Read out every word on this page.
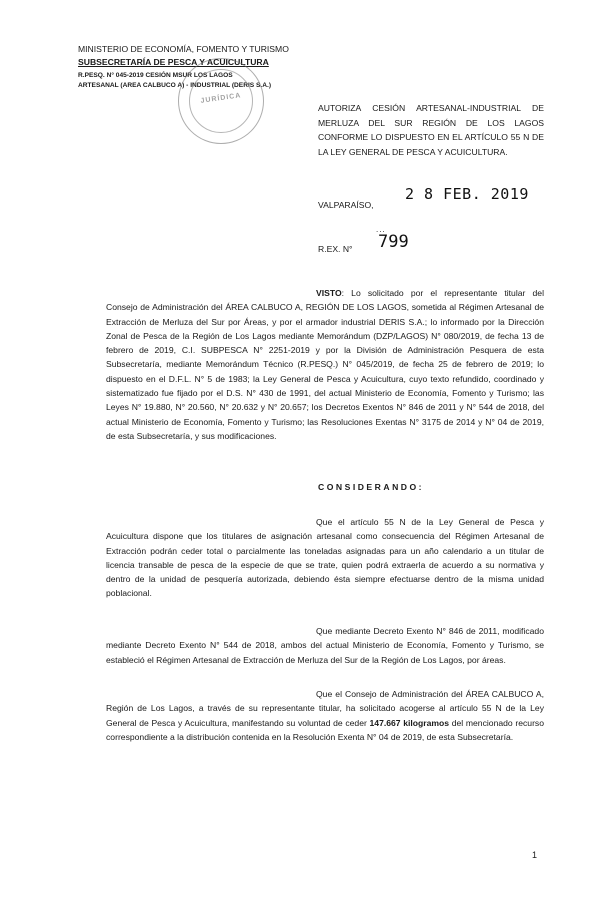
MINISTERIO DE ECONOMÍA, FOMENTO Y TURISMO
SUBSECRETARÍA DE PESCA Y ACUICULTURA
R.PESQ. N° 045-2019 CESIÓN MSUR LOS LAGOS
ARTESANAL (AREA CALBUCO A) - INDUSTRIAL (DERIS S.A.)
JURÍDICA
AUTORIZA CESIÓN ARTESANAL-INDUSTRIAL DE MERLUZA DEL SUR REGIÓN DE LOS LAGOS CONFORME LO DISPUESTO EN EL ARTÍCULO 55 N DE LA LEY GENERAL DE PESCA Y ACUICULTURA.
VALPARAÍSO,
2 8 FEB. 2019
...
R.EX. N° 799
VISTO: Lo solicitado por el representante titular del Consejo de Administración del ÁREA CALBUCO A, REGIÓN DE LOS LAGOS, sometida al Régimen Artesanal de Extracción de Merluza del Sur por Áreas, y por el armador industrial DERIS S.A.; lo informado por la Dirección Zonal de Pesca de la Región de Los Lagos mediante Memorándum (DZP/LAGOS) N° 080/2019, de fecha 13 de febrero de 2019, C.I. SUBPESCA N° 2251-2019 y por la División de Administración Pesquera de esta Subsecretaría, mediante Memorándum Técnico (R.PESQ.) N° 045/2019, de fecha 25 de febrero de 2019; lo dispuesto en el D.F.L. N° 5 de 1983; la Ley General de Pesca y Acuicultura, cuyo texto refundido, coordinado y sistematizado fue fijado por el D.S. N° 430 de 1991, del actual Ministerio de Economía, Fomento y Turismo; las Leyes N° 19.880, N° 20.560, N° 20.632 y N° 20.657; los Decretos Exentos N° 846 de 2011 y N° 544 de 2018, del actual Ministerio de Economía, Fomento y Turismo; las Resoluciones Exentas N° 3175 de 2014 y N° 04 de 2019, de esta Subsecretaría, y sus modificaciones.
CONSIDERANDO:
Que el artículo 55 N de la Ley General de Pesca y Acuicultura dispone que los titulares de asignación artesanal como consecuencia del Régimen Artesanal de Extracción podrán ceder total o parcialmente las toneladas asignadas para un año calendario a un titular de licencia transable de pesca de la especie de que se trate, quien podrá extraerla de acuerdo a su normativa y dentro de la unidad de pesquería autorizada, debiendo ésta siempre efectuarse dentro de la misma unidad poblacional.
Que mediante Decreto Exento N° 846 de 2011, modificado mediante Decreto Exento N° 544 de 2018, ambos del actual Ministerio de Economía, Fomento y Turismo, se estableció el Régimen Artesanal de Extracción de Merluza del Sur de la Región de Los Lagos, por áreas.
Que el Consejo de Administración del ÁREA CALBUCO A, Región de Los Lagos, a través de su representante titular, ha solicitado acogerse al artículo 55 N de la Ley General de Pesca y Acuicultura, manifestando su voluntad de ceder 147.667 kilogramos del mencionado recurso correspondiente a la distribución contenida en la Resolución Exenta N° 04 de 2019, de esta Subsecretaría.
1
